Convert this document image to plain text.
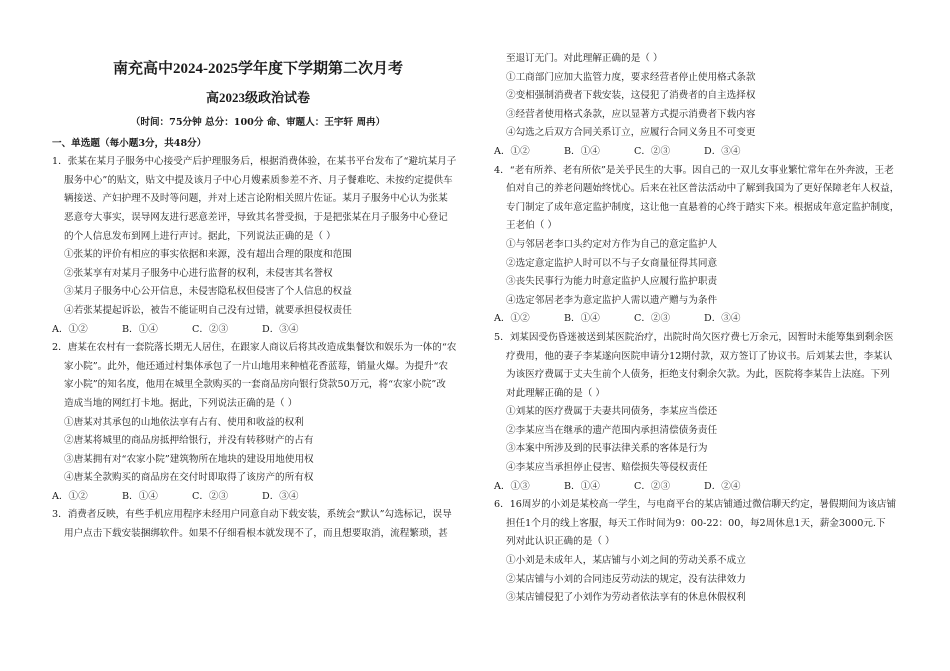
南充高中2024-2025学年度下学期第二次月考
高2023级政治试卷
（时间：75分钟 总分：100分 命、审题人：王宇轩 周冉）
一、单选题（每小题3分，共48分）
1．张某在某月子服务中心接受产后护理服务后，根据消费体验，在某书平台发布了“避坑某月子
服务中心”的贴文，贴文中提及该月子中心月嫂素质参差不齐、月子餐难吃、未按约定提供车
辆接送、产妇护理不及时等问题，并对上述言论附相关照片佐证。某月子服务中心认为张某
恶意夸大事实，误导网友进行恶意差评，导致其名誉受损，于是把张某在月子服务中心登记
的个人信息发布到网上进行声讨。据此，下列说法正确的是（ ）
①张某的评价有相应的事实依据和来源，没有超出合理的限度和范围
②张某享有对某月子服务中心进行监督的权利，未侵害其名誉权
③某月子服务中心公开信息，未侵害隐私权但侵害了个人信息的权益
④若张某提起诉讼，被告不能证明自己没有过错，就要承担侵权责任
A．①②	B．①④	C．②③	D．③④
2．唐某在农村有一套院落长期无人居住，在跟家人商议后将其改造成集餐饮和娱乐为一体的“农
家小院”。此外，他还通过村集体承包了一片山地用来种植花香蓝莓，销量火爆。为提升“农
家小院”的知名度，他用在城里全款购买的一套商品房向银行贷款50万元，将“农家小院”改
造成当地的网红打卡地。据此，下列说法正确的是（ ）
①唐某对其承包的山地依法享有占有、使用和收益的权利
②唐某将城里的商品房抵押给银行，并没有转移财产的占有
③唐某拥有对“农家小院”建筑物所在地块的建设用地使用权
④唐某全款购买的商品房在交付时即取得了该房产的所有权
A．①②	B．①④	C．②③	D．③④
3．消费者反映，有些手机应用程序未经用户同意自动下载安装，系统会“默认”勾选标记，误导
用户点击下载安装捆绑软件。如果不仔细看根本就发现不了，而且想要取消，流程繁琐，甚
至退订无门。对此理解正确的是（ ）
①工商部门应加大监管力度，要求经营者停止使用格式条款
②变相强制消费者下载安装，这侵犯了消费者的自主选择权
③经营者使用格式条款，应以显著方式提示消费者下载内容
④勾选之后双方合同关系订立，应履行合同义务且不可变更
A．①②	B．①④	C．②③	D．③④
4．“老有所养、老有所依”是关乎民生的大事。因自己的一双儿女事业繁忙常年在外奔波，王老
伯对自己的养老问题始终忧心。后来在社区普法活动中了解到我国为了更好保障老年人权益，
专门制定了成年意定监护制度，这让他一直悬着的心终于踏实下来。根据成年意定监护制度，
王老伯（ ）
①与邻居老李口头约定对方作为自己的意定监护人
②选定意定监护人时可以不与子女商量征得其同意
③丧失民事行为能力时意定监护人应履行监护职责
④选定邻居老李为意定监护人需以遗产赠与为条件
A．①②	B．①④	C．②③	D．③④
5．刘某因受伤昏迷被送到某医院治疗，出院时尚欠医疗费七万余元，因暂时未能筹集到剩余医
疗费用，他的妻子李某遂向医院申请分12期付款，双方签订了协议书。后刘某去世，李某认
为该医疗费属于丈夫生前个人债务，拒绝支付剩余欠款。为此，医院将李某告上法庭。下列
对此理解正确的是（ ）
①刘某的医疗费属于夫妻共同债务，李某应当偿还
②李某应当在继承的遗产范围内承担清偿债务责任
③本案中所涉及到的民事法律关系的客体是行为
④李某应当承担停止侵害、赔偿损失等侵权责任
A．①③	B．①④	C．②③	D．②④
6．16周岁的小刘是某校高一学生，与电商平台的某店铺通过微信聊天约定，暑假期间为该店铺
担任1个月的线上客服，每天工作时间为9：00-22：00，每2周休息1天，薪金3000元.下
列对此认识正确的是（ ）
①小刘是未成年人，某店铺与小刘之间的劳动关系不成立
②某店铺与小刘的合同违反劳动法的规定，没有法律效力
③某店铺侵犯了小刘作为劳动者依法享有的休息休假权利
